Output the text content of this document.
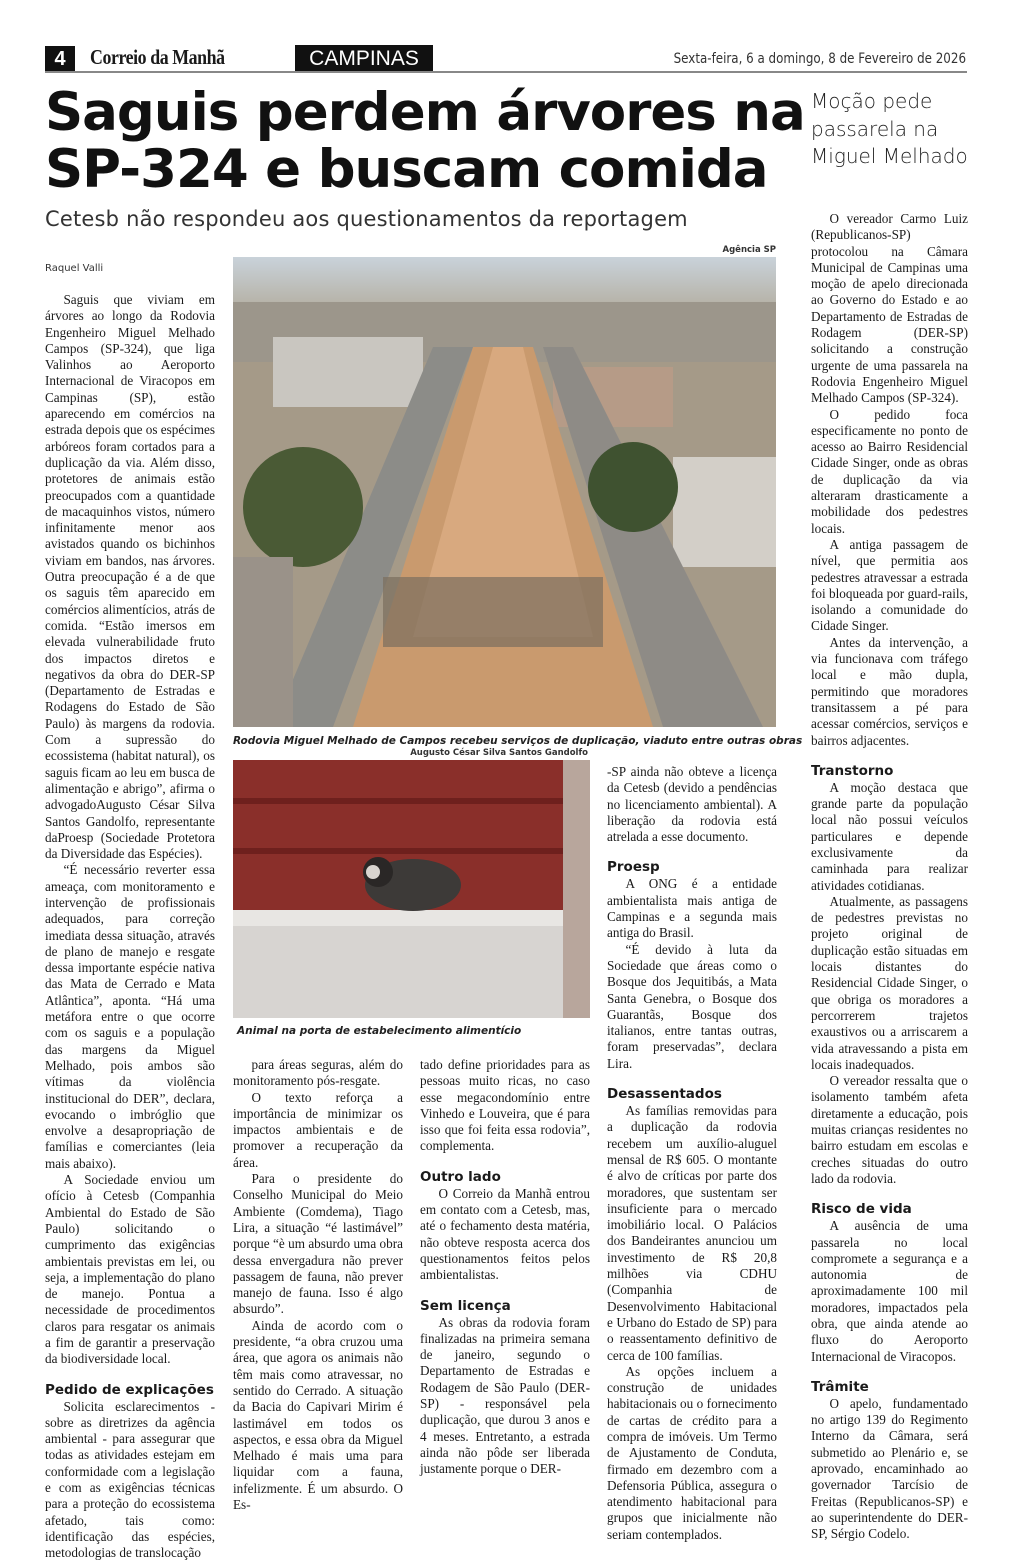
4	Correio da Manhã	CAMPINAS	Sexta-feira, 6 a domingo, 8 de Fevereiro de 2026
Saguis perdem árvores na SP-324 e buscam comida
Cetesb não respondeu aos questionamentos da reportagem
Raquel Valli
Agência SP
Rodovia Miguel Melhado de Campos recebeu serviços de duplicação, viaduto entre outras obras
Augusto César Silva Santos Gandolfo
Animal na porta de estabelecimento alimentício

Saguis que viviam em árvores ao longo da Rodovia Engenheiro Miguel Melhado Campos (SP-324), que liga Valinhos ao Aeroporto Internacional de Viracopos em Campinas (SP), estão aparecendo em comércios na estrada depois que os espécimes arbóreos foram cortados para a duplicação da via. Além disso, protetores de animais estão preocupados com a quantidade de macaquinhos vistos, número infinitamente menor aos avistados quando os bichinhos viviam em bandos, nas árvores. Outra preocupação é a de que os saguis têm aparecido em comércios alimentícios, atrás de comida. “Estão imersos em elevada vulnerabilidade fruto dos impactos diretos e negativos da obra do DER-SP (Departamento de Estradas e Rodagens do Estado de São Paulo) às margens da rodovia. Com a supressão do ecossistema (habitat natural), os saguis ficam ao leu em busca de alimentação e abrigo”, afirma o advogadoAugusto César Silva Santos Gandolfo, representante daProesp (Sociedade Protetora da Diversidade das Espécies).

“É necessário reverter essa ameaça, com monitoramento e intervenção de profissionais adequados, para correção imediata dessa situação, através de plano de manejo e resgate dessa importante espécie nativa das Mata de Cerrado e Mata Atlântica”, aponta. “Há uma metáfora entre o que ocorre com os saguis e a população das margens da Miguel Melhado, pois ambos são vítimas da violência institucional do DER”, declara, evocando o imbróglio que envolve a desapropriação de famílias e comerciantes (leia mais abaixo).

A Sociedade enviou um ofício à Cetesb (Companhia Ambiental do Estado de São Paulo) solicitando o cumprimento das exigências ambientais previstas em lei, ou seja, a implementação do plano de manejo. Pontua a necessidade de procedimentos claros para resgatar os animais a fim de garantir a preservação da biodiversidade local.

Pedido de explicações

Solicita esclarecimentos - sobre as diretrizes da agência ambiental - para assegurar que todas as atividades estejam em conformidade com a legislação e com as exigências técnicas para a proteção do ecossistema afetado, tais como: identificação das espécies, metodologias de translocação

para áreas seguras, além do monitoramento pós-resgate.

O texto reforça a importância de minimizar os impactos ambientais e de promover a recuperação da área.

Para o presidente do Conselho Municipal do Meio Ambiente (Comdema), Tiago Lira, a situação “é lastimável” porque “è um absurdo uma obra dessa envergadura não prever passagem de fauna, não prever manejo de fauna. Isso é algo absurdo”.

Ainda de acordo com o presidente, “a obra cruzou uma área, que agora os animais não têm mais como atravessar, no sentido do Cerrado. A situação da Bacia do Capivari Mirim é lastimável em todos os aspectos, e essa obra da Miguel Melhado é mais uma para liquidar com a fauna, infelizmente. É um absurdo. O Es-

tado define prioridades para as pessoas muito ricas, no caso esse megacondomínio entre Vinhedo e Louveira, que é para isso que foi feita essa rodovia”, complementa.

Outro lado

O Correio da Manhã entrou em contato com a Cetesb, mas, até o fechamento desta matéria, não obteve resposta acerca dos questionamentos feitos pelos ambientalistas.

Sem licença

As obras da rodovia foram finalizadas na primeira semana de janeiro, segundo o Departamento de Estradas e Rodagem de São Paulo (DER-SP) - responsável pela duplicação, que durou 3 anos e 4 meses. Entretanto, a estrada ainda não pôde ser liberada justamente porque o DER-

-SP ainda não obteve a licença da Cetesb (devido a pendências no licenciamento ambiental). A liberação da rodovia está atrelada a esse documento.

Proesp

A ONG é a entidade ambientalista mais antiga de Campinas e a segunda mais antiga do Brasil.

“É devido à luta da Sociedade que áreas como o Bosque dos Jequitibás, a Mata Santa Genebra, o Bosque dos Guarantãs, Bosque dos italianos, entre tantas outras, foram preservadas”, declara Lira.

Desassentados

As famílias removidas para a duplicação da rodovia recebem um auxílio-aluguel mensal de R$ 605. O montante é alvo de críticas por parte dos moradores, que sustentam ser insuficiente para o mercado imobiliário local. O Palácios dos Bandeirantes anunciou um investimento de R$ 20,8 milhões via CDHU (Companhia de Desenvolvimento Habitacional e Urbano do Estado de SP) para o reassentamento definitivo de cerca de 100 famílias.

As opções incluem a construção de unidades habitacionais ou o fornecimento de cartas de crédito para a compra de imóveis. Um Termo de Ajustamento de Conduta, firmado em dezembro com a Defensoria Pública, assegura o atendimento habitacional para grupos que inicialmente não seriam contemplados.

Moção pede passarela na Miguel Melhado

O vereador Carmo Luiz (Republicanos-SP) protocolou na Câmara Municipal de Campinas uma moção de apelo direcionada ao Governo do Estado e ao Departamento de Estradas de Rodagem (DER-SP) solicitando a construção urgente de uma passarela na Rodovia Engenheiro Miguel Melhado Campos (SP-324).

O pedido foca especificamente no ponto de acesso ao Bairro Residencial Cidade Singer, onde as obras de duplicação da via alteraram drasticamente a mobilidade dos pedestres locais.

A antiga passagem de nível, que permitia aos pedestres atravessar a estrada foi bloqueada por guard-rails, isolando a comunidade do Cidade Singer.

Antes da intervenção, a via funcionava com tráfego local e mão dupla, permitindo que moradores transitassem a pé para acessar comércios, serviços e bairros adjacentes.

Transtorno

A moção destaca que grande parte da população local não possui veículos particulares e depende exclusivamente da caminhada para realizar atividades cotidianas.

Atualmente, as passagens de pedestres previstas no projeto original de duplicação estão situadas em locais distantes do Residencial Cidade Singer, o que obriga os moradores a percorrerem trajetos exaustivos ou a arriscarem a vida atravessando a pista em locais inadequados.

O vereador ressalta que o isolamento também afeta diretamente a educação, pois muitas crianças residentes no bairro estudam em escolas e creches situadas do outro lado da rodovia.

Risco de vida

A ausência de uma passarela no local compromete a segurança e a autonomia de aproximadamente 100 mil moradores, impactados pela obra, que ainda atende ao fluxo do Aeroporto Internacional de Viracopos.

Trâmite

O apelo, fundamentado no artigo 139 do Regimento Interno da Câmara, será submetido ao Plenário e, se aprovado, encaminhado ao governador Tarcísio de Freitas (Republicanos-SP) e ao superintendente do DER-SP, Sérgio Codelo.
